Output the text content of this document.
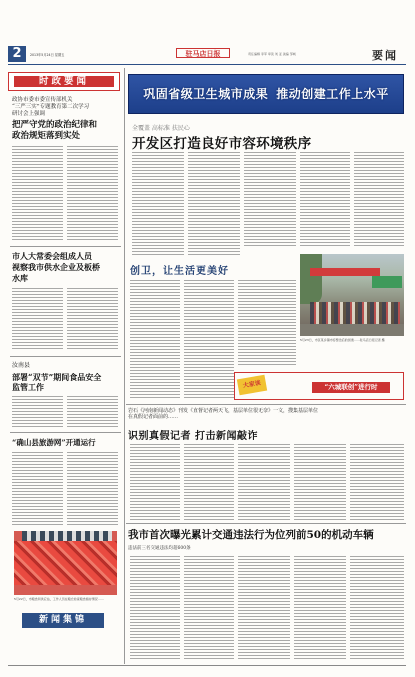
2	2013年5月24日 星期五	驻马店日报	责任编辑 李军 审读 刘 亚 美编 邹城	要闻
时政要闻
政协市委市委宣传部机关
“三严三实”专题教育第二次学习
研讨会上强调
把严守党的政治纪律和
政治规矩落到实处
市人大常委会组成人员
视察我市供水企业及板桥
水库
汝南县
部署“双节”期间食品安全
监管工作
“确山县旅游网”开通运行
5月22日，市粮食局供应站，工作人员在粮仓检查粮食储存情况……
新闻集锦
巩固省级卫生城市成果 推动创建工作上水平
全覆盖 高标准 扶民心
开发区打造良好市容环境秩序
创卫，让生活更美好
5月23日，市区某乡镇市容整治后的街道……驻马店日报记者 摄
大家谈	“六城联创”进行时
岩石《河南新闻动态》刊发《直督记者两天飞，基层单位很无奈》一文，搜集基层单位
在真假记者面前的……
识别真假记者 打击新闻敲诈
我市首次曝光累计交通违法行为位列前50的机动车辆
违法前三名交通违法均超600条
